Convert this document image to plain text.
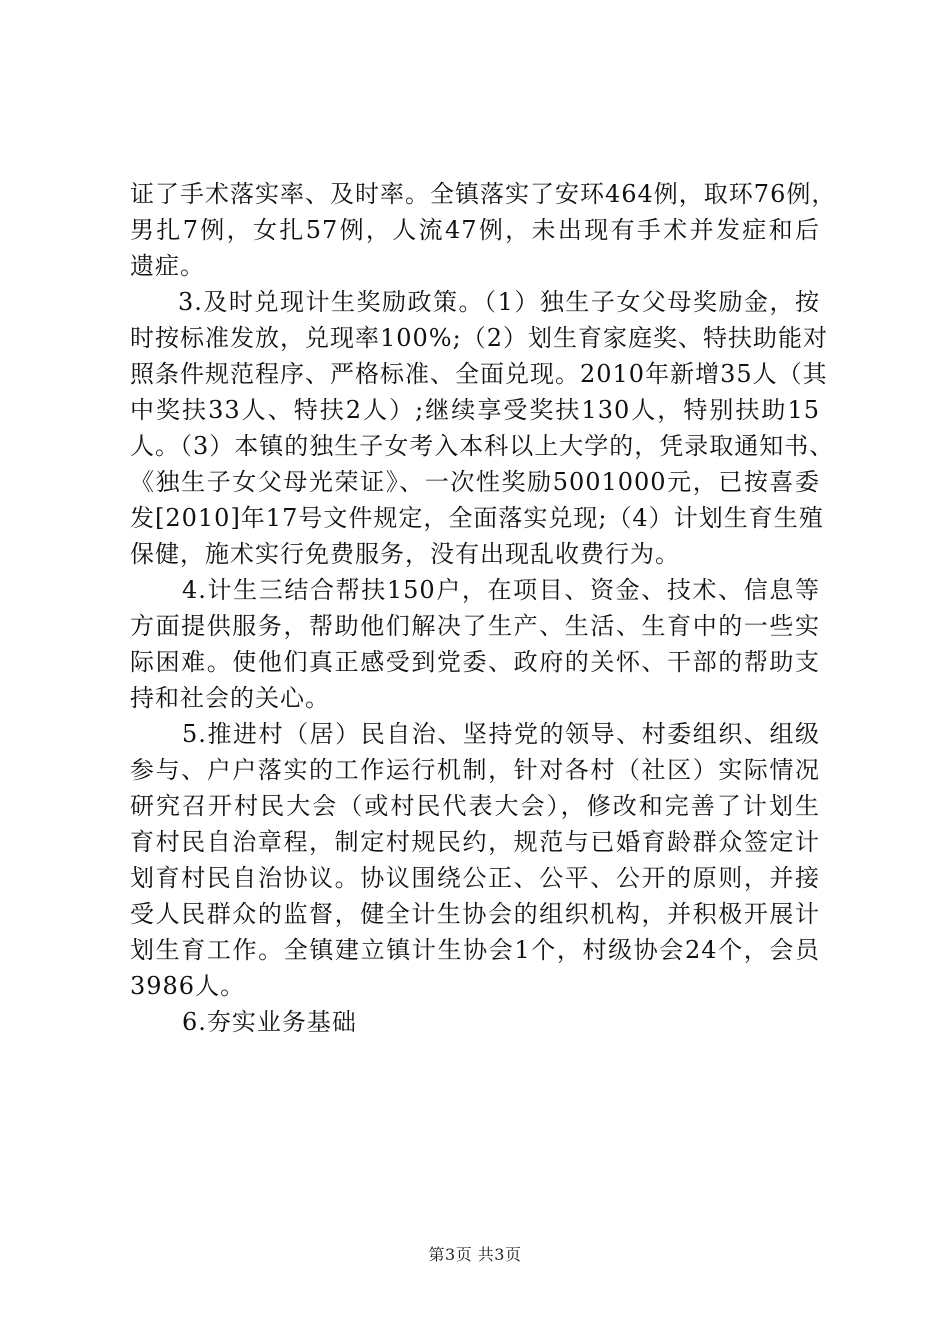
证了手术落实率、及时率。全镇落实了安环464例，取环76例，
男扎7例，女扎57例，人流47例，未出现有手术并发症和后
遗症。
3.及时兑现计生奖励政策。（1）独生子女父母奖励金，按
时按标准发放，兑现率100%;（2）划生育家庭奖、特扶助能对
照条件规范程序、严格标准、全面兑现。2010年新增35人（其
中奖扶33人、特扶2人）;继续享受奖扶130人，特别扶助15
人。（3）本镇的独生子女考入本科以上大学的，凭录取通知书、
《独生子女父母光荣证》、一次性奖励5001000元，已按喜委
发[2010]年17号文件规定，全面落实兑现;（4）计划生育生殖
保健，施术实行免费服务，没有出现乱收费行为。
4.计生三结合帮扶150户，在项目、资金、技术、信息等
方面提供服务，帮助他们解决了生产、生活、生育中的一些实
际困难。使他们真正感受到党委、政府的关怀、干部的帮助支
持和社会的关心。
5.推进村（居）民自治、坚持党的领导、村委组织、组级
参与、户户落实的工作运行机制，针对各村（社区）实际情况
研究召开村民大会（或村民代表大会），修改和完善了计划生
育村民自治章程，制定村规民约，规范与已婚育龄群众签定计
划育村民自治协议。协议围绕公正、公平、公开的原则，并接
受人民群众的监督，健全计生协会的组织机构，并积极开展计
划生育工作。全镇建立镇计生协会1个，村级协会24个，会员
3986人。
6.夯实业务基础
第3页 共3页
